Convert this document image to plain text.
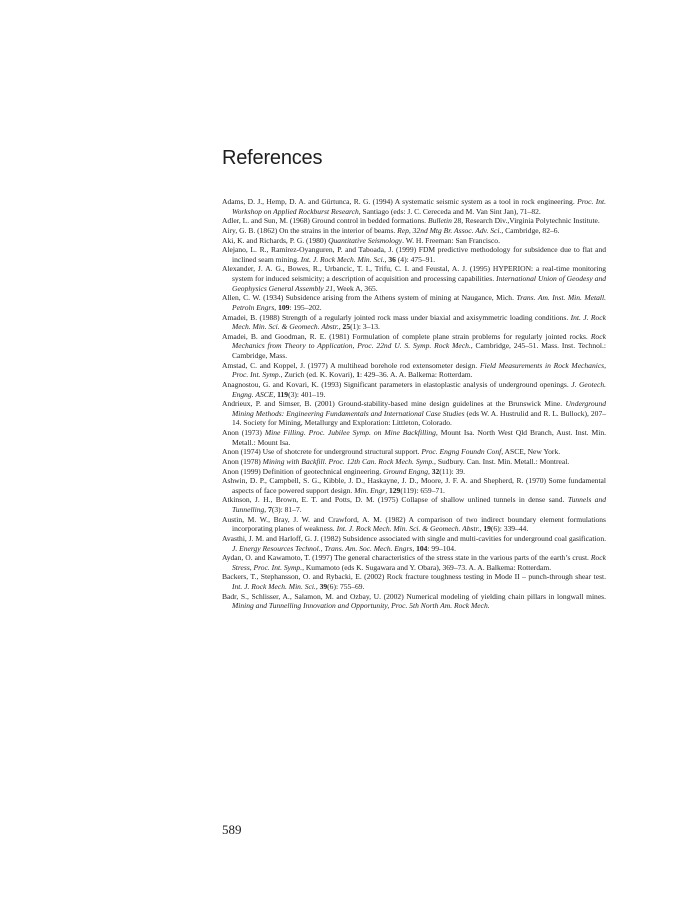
References

Adams, D. J., Hemp, D. A. and Gürtunca, R. G. (1994) A systematic seismic system as a tool in rock engineering. Proc. Int. Workshop on Applied Rockburst Research, Santiago (eds: J. C. Cereceda and M. Van Sint Jan), 71–82.

Adler, L. and Sun, M. (1968) Ground control in bedded formations. Bulletin 28, Research Div.,Virginia Polytechnic Institute.

Airy, G. B. (1862) On the strains in the interior of beams. Rep, 32nd Mtg Br. Assoc. Adv. Sci., Cambridge, 82–6.

Aki, K. and Richards, P. G. (1980) Quantitative Seismology. W. H. Freeman: San Francisco.

Alejano, L. R., Ramírez-Oyanguren, P. and Taboada, J. (1999) FDM predictive methodology for subsidence due to flat and inclined seam mining. Int. J. Rock Mech. Min. Sci., 36 (4): 475–91.

Alexander, J. A. G., Bowes, R., Urbancic, T. I., Trifu, C. I. and Feustal, A. J. (1995) HYPERION: a real-time monitoring system for induced seismicity; a description of acquisition and processing capabilities. International Union of Geodesy and Geophysics General Assembly 21, Week A, 365.

Allen, C. W. (1934) Subsidence arising from the Athens system of mining at Naugance, Mich. Trans. Am. Inst. Min. Metall. Petroln Engrs, 109: 195–202.

Amadei, B. (1988) Strength of a regularly jointed rock mass under biaxial and axisymmetric loading conditions. Int. J. Rock Mech. Min. Sci. & Geomech. Abstr., 25(1): 3–13.

Amadei, B. and Goodman, R. E. (1981) Formulation of complete plane strain problems for regularly jointed rocks. Rock Mechanics from Theory to Application, Proc. 22nd U. S. Symp. Rock Mech., Cambridge, 245–51. Mass. Inst. Technol.: Cambridge, Mass.

Amstad, C. and Koppel, J. (1977) A multihead borehole rod extensometer design. Field Measurements in Rock Mechanics, Proc. Int. Symp., Zurich (ed. K. Kovari), 1: 429–36. A. A. Balkema: Rotterdam.

Anagnostou, G. and Kovari, K. (1993) Significant parameters in elastoplastic analysis of underground openings. J. Geotech. Engng. ASCE, 119(3): 401–19.

Andrieux, P. and Simser, B. (2001) Ground-stability-based mine design guidelines at the Brunswick Mine. Underground Mining Methods: Engineering Fundamentals and International Case Studies (eds W. A. Hustrulid and R. L. Bullock), 207–14. Society for Mining, Metallurgy and Exploration: Littleton, Colorado.

Anon (1973) Mine Filling. Proc. Jubilee Symp. on Mine Backfilling, Mount Isa. North West Qld Branch, Aust. Inst. Min. Metall.: Mount Isa.

Anon (1974) Use of shotcrete for underground structural support. Proc. Engng Foundn Conf, ASCE, New York.

Anon (1978) Mining with Backfill. Proc. 12th Can. Rock Mech. Symp., Sudbury. Can. Inst. Min. Metall.: Montreal.

Anon (1999) Definition of geotechnical engineering. Ground Engng, 32(11): 39.

Ashwin, D. P., Campbell, S. G., Kibble, J. D., Haskayne, J. D., Moore, J. F. A. and Shepherd, R. (1970) Some fundamental aspects of face powered support design. Min. Engr, 129(119): 659–71.

Atkinson, J. H., Brown, E. T. and Potts, D. M. (1975) Collapse of shallow unlined tunnels in dense sand. Tunnels and Tunnelling, 7(3): 81–7.

Austin, M. W., Bray, J. W. and Crawford, A. M. (1982) A comparison of two indirect boundary element formulations incorporating planes of weakness. Int. J. Rock Mech. Min. Sci. & Geomech. Abstr., 19(6): 339–44.

Avasthi, J. M. and Harloff, G. J. (1982) Subsidence associated with single and multi-cavities for underground coal gasification. J. Energy Resources Technol., Trans. Am. Soc. Mech. Engrs, 104: 99–104.

Aydan, O. and Kawamoto, T. (1997) The general characteristics of the stress state in the various parts of the earth’s crust. Rock Stress, Proc. Int. Symp., Kumamoto (eds K. Sugawara and Y. Obara), 369–73. A. A. Balkema: Rotterdam.

Backers, T., Stephansson, O. and Rybacki, E. (2002) Rock fracture toughness testing in Mode II – punch-through shear test. Int. J. Rock Mech. Min. Sci., 39(6): 755–69.

Badr, S., Schlisser, A., Salamon, M. and Ozbay, U. (2002) Numerical modeling of yielding chain pillars in longwall mines. Mining and Tunnelling Innovation and Opportunity, Proc. 5th North Am. Rock Mech.

589
